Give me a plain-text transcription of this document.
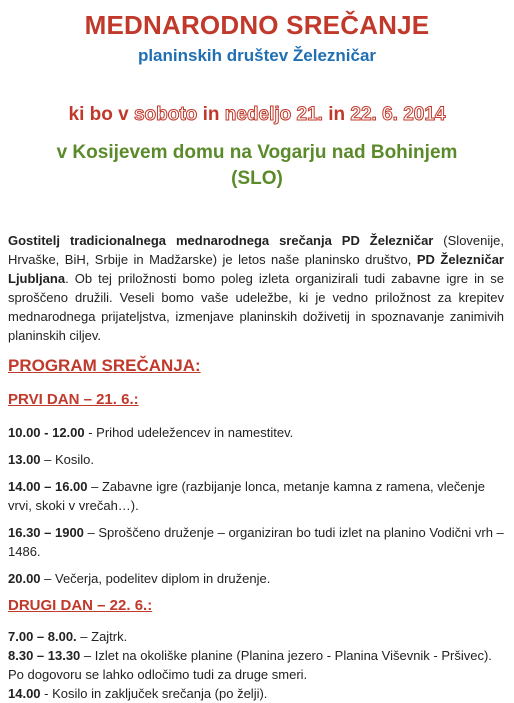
MEDNARODNO SREČANJE
planinskih društev Železničar
ki bo v soboto in nedeljo 21. in 22. 6. 2014
v Kosijevem domu na Vogarju nad Bohinjem
(SLO)
Gostitelj tradicionalnega mednarodnega srečanja PD Železničar (Slovenije, Hrvaške, BiH, Srbije in Madžarske) je letos naše planinsko društvo, PD Železničar Ljubljana. Ob tej priložnosti bomo poleg izleta organizirali tudi zabavne igre in se sproščeno družili. Veseli bomo vaše udeležbe, ki je vedno priložnost za krepitev mednarodnega prijateljstva, izmenjave planinskih doživetij in spoznavanje zanimivih planinskih ciljev.
PROGRAM SREČANJA:
PRVI DAN – 21. 6.:

10.00 - 12.00 - Prihod udeležencev in namestitev.

13.00 – Kosilo.

14.00 – 16.00 – Zabavne igre (razbijanje lonca, metanje kamna z ramena, vlečenje vrvi, skoki v vrečah…).

16.30 – 1900 – Sproščeno druženje – organiziran bo tudi izlet na planino Vodični vrh – 1486.

20.00 – Večerja, podelitev diplom in druženje.

DRUGI DAN – 22. 6.:

7.00 – 8.00. – Zajtrk.

8.30 – 13.30 – Izlet na okoliške planine (Planina jezero - Planina Viševnik - Pršivec). Po dogovoru se lahko odločimo tudi za druge smeri.

14.00 - Kosilo in zaključek srečanja (po želji).
